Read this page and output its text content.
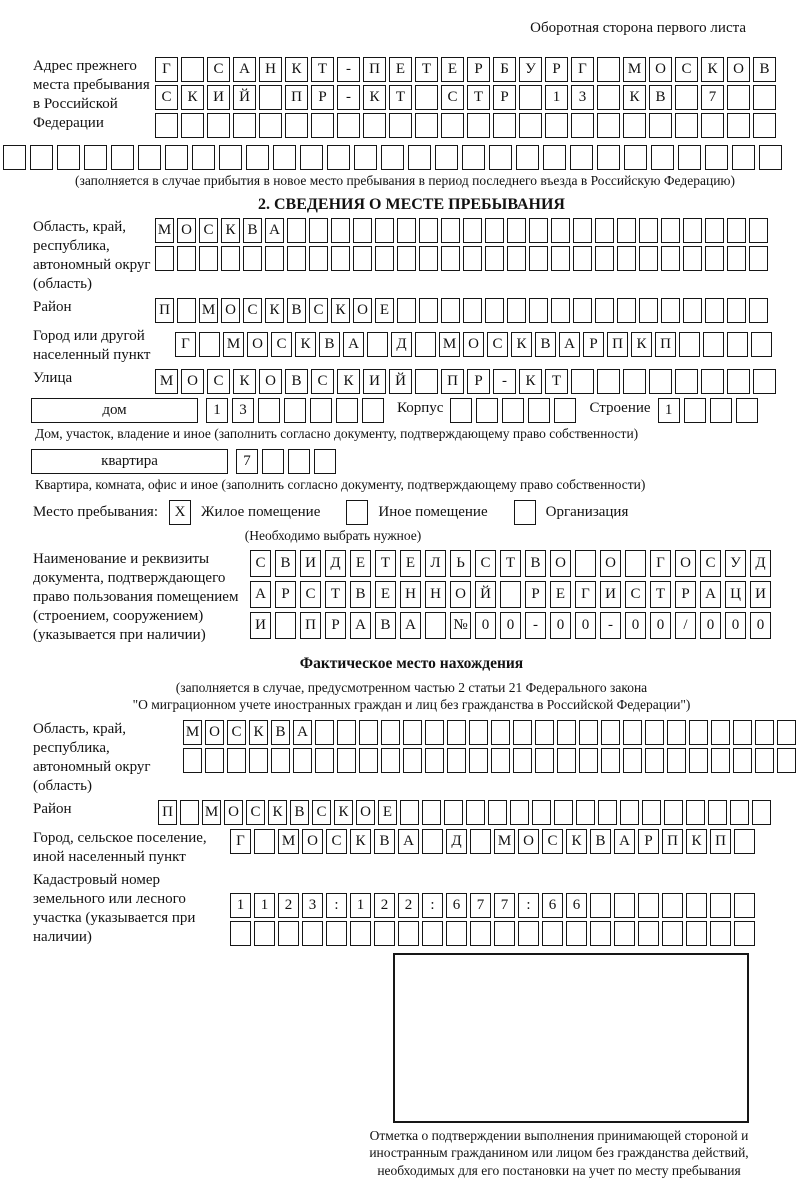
Оборотная сторона первого листа
Адрес прежнего места пребывания в Российской Федерации
Г	С	А	Н	К	Т	-	П	Е	Т	Е	Р	Б	У	Р	Г	М О	С	К	О	В
С	К	И	Й	П	Р	-	К	Т	С	Т	Р	1	3	К	В	7
(заполняется в случае прибытия в новое место пребывания в период последнего въезда в Российскую Федерацию)
2. СВЕДЕНИЯ О МЕСТЕ ПРЕБЫВАНИЯ
Область, край, республика, автономный округ (область)
М О С К В А
Район	П М О С К В С К О Е
Город или другой населенный пункт
Г	М О С К В А	Д	М О С К В А Р П К П
Улица	М О	С	К	О	В	С	К	И	Й	П	Р	-	К	Т
дом	1	3	Корпус	Строение 1
Дом, участок, владение и иное (заполнить согласно документу, подтверждающему право собственности)
квартира	7
Квартира, комната, офис и иное (заполнить согласно документу, подтверждающему право собственности)
Место пребывания:	X	Жилое помещение	Иное помещение	Организация
(Необходимо выбрать нужное)
Наименование и реквизиты документа, подтверждающего право пользования помещением (строением, сооружением) (указывается при наличии)
С В И Д	Е	Т	Е	Л	Ь	С	Т	В О	О	Г	О С У Д
А	Р	С	Т	В	Е	Н Н О Й	Р	Е	Г	И С	Т	Р	А Ц И
И	П	Р	А В А	№ 0	0	-	0	0	-	0	0	/	0	0	0
Фактическое место нахождения
(заполняется в случае, предусмотренном частью 2 статьи 21 Федерального закона
"О миграционном учете иностранных граждан и лиц без гражданства в Российской Федерации")
Область, край, республика, автономный округ (область)
М О С К В А
Район	П М О С К В С К О Е
Город, сельское поселение, иной населенный пункт
Г	М О С К В А	Д	М О С К В А Р П К П
Кадастровый номер земельного или лесного участка (указывается при наличии)
1	1	2	3	:	1	2	2	:	6	7	7	:	6	6
Отметка о подтверждении выполнения принимающей стороной и иностранным гражданином или лицом без гражданства действий, необходимых для его постановки на учет по месту пребывания
